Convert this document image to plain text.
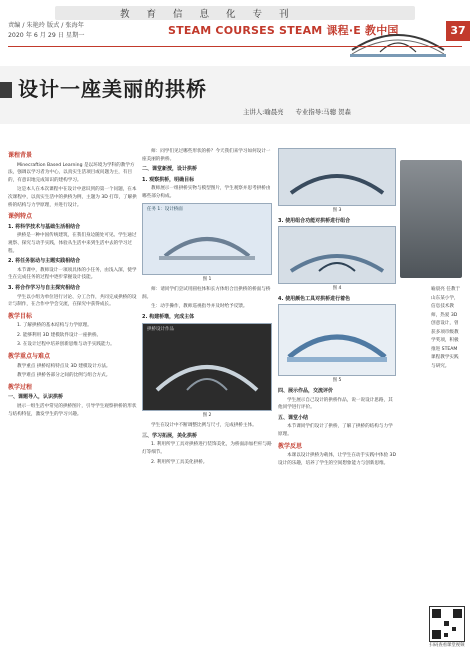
教育信息化专刊
责编 / 朱艳玲 版式 / 张海年
2020 年 6 月 29 日 星期一	STEAM COURSES STEAM 课程·E 教中国	37
设计一座美丽的拱桥
主讲人:喻晨亮 专业指导:马骢 贺森
课程背景

Minecraftion Based Learning 是以环境为学科的教学方法，强调以学习者为中心，以真实生活项目或问题为主，有目的，有意识地完成知识的建构学习。

这是本人在本次课程中在设计中意识到的第一个问题，在本次课程中，以真实生活中的拱桥为例，主题为 3D 打印，了解拱桥的结构与力学原理，并进行设计。

课例特点
1. 将科学技术与基础生活相结合

拱桥是一种中国传统建筑，在我们身边随处可见。学生通过观察、探究与动手实践，体验从生活中来到生活中去的学习过程。

2. 将任务驱动与主题实践相结合

本节课中，教师设计一项项具体的小任务，由浅入深，使学生在完成任务的过程中逐步掌握设计技能。

3. 将合作学习与自主探究相结合

学生以小组为单位进行讨论、分工合作，共同完成拱桥的设计与制作，在合作中学会交流，在探究中获得成长。

教学目标

1. 了解拱桥的基本结构与力学原理。

2. 能够利用 3D 建模软件设计一座拱桥。

3. 在设计过程中培养创新思维与动手实践能力。

教学重点与难点

教学重点 拱桥结构特点及 3D 建模设计方法。

教学难点 拱桥各部分之间的比例与组合方式。

教学过程
一、课题导入，认识拱桥

展示一组生活中常见的拱桥图片，引导学生观察拱桥的形状与结构特征，激发学生的学习兴趣。

师：同学们见过哪些形状的桥？今天我们来学习如何设计一座美丽的拱桥。

二、课堂新授，设计拱桥
1. 观察拱桥，明确目标

教师展示一组拱桥实物与模型图片，学生观察并思考拱桥由哪些部分构成。

任务 1：设计桥面
图 1

师：请同学们尝试用圆柱体和长方体组合出拱桥的桥面与桥洞。

生：动手操作，教师巡视指导并及时给予反馈。

2. 构建桥墩，完成主体
拱桥设计作品
图 2

学生在设计中不断调整比例与尺寸，完成拱桥主体。

三、学习拓展，美化拱桥

1. 利用所学工具对拱桥进行装饰美化，为桥面添加栏杆与路灯等细节。

2. 利用所学工具美化拱桥。

图 3
3. 使用组合功能对拱桥进行组合
图 4
4. 使用颜色工具对拱桥进行着色
图 5
四、展示作品，交流评价

学生展示自己设计的拱桥作品，说一说设计思路，其他同学进行评价。

五、课堂小结

本节课同学们设计了拱桥，了解了拱桥的结构与力学原理。

教学反思

本课以设计拱桥为载体，让学生在动手实践中体验 3D 设计的乐趣，培养了学生的空间想象能力与创新思维。

喻晨亮 任教于山东某小学，信息技术教师，热爱 3D 创意设计，曾获多项市级教学奖项，积极推进 STEAM 课程教学实践与研究。
扫码查看课堂视频
